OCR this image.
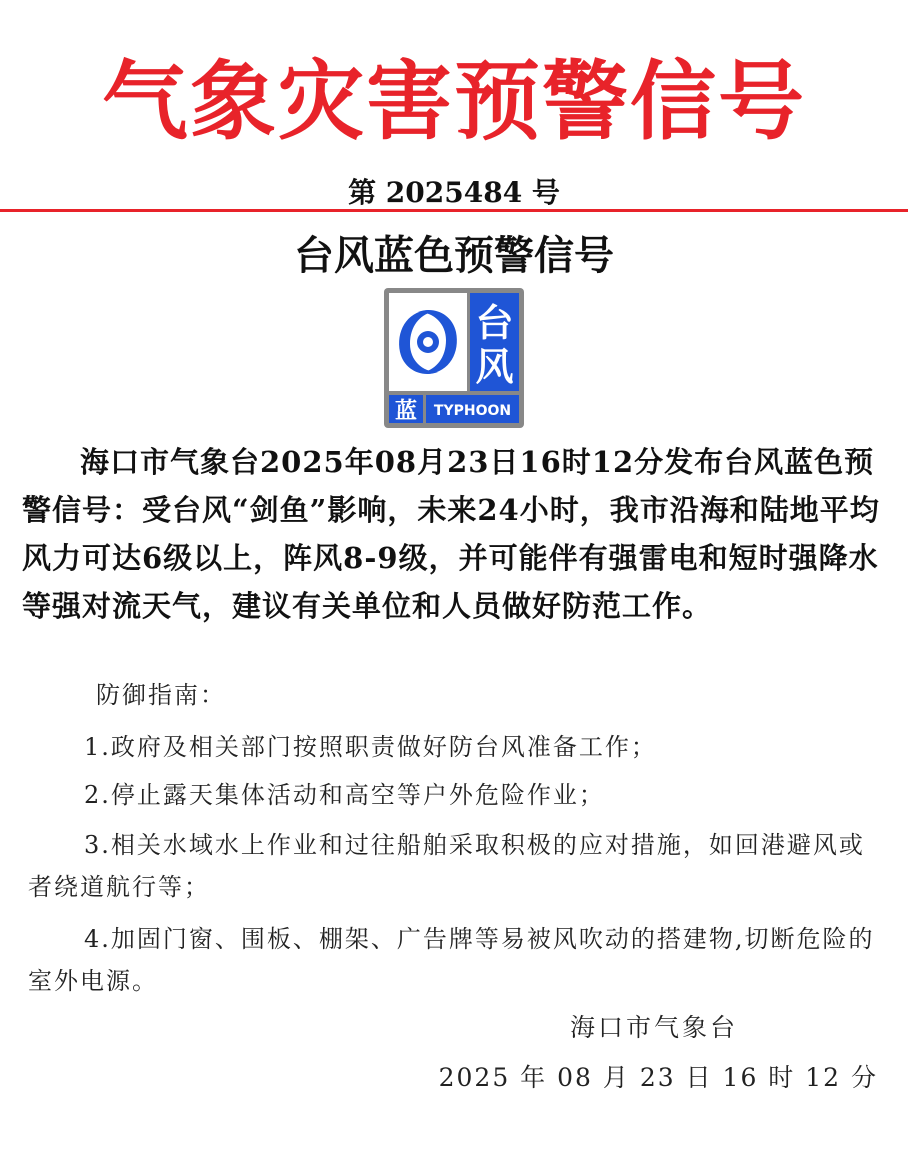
气象灾害预警信号
第 2025484 号
台风蓝色预警信号
台
风
蓝 TYPHOON

海口市气象台2025年08月23日16时12分发布台风蓝色预警信号：受台风“剑鱼”影响，未来24小时，我市沿海和陆地平均风力可达6级以上，阵风8-9级，并可能伴有强雷电和短时强降水等强对流天气，建议有关单位和人员做好防范工作。

防御指南：

1.政府及相关部门按照职责做好防台风准备工作；

2.停止露天集体活动和高空等户外危险作业；

3.相关水域水上作业和过往船舶采取积极的应对措施，如回港避风或者绕道航行等；

4.加固门窗、围板、棚架、广告牌等易被风吹动的搭建物,切断危险的室外电源。

海口市气象台
2025 年 08 月 23 日 16 时 12 分
